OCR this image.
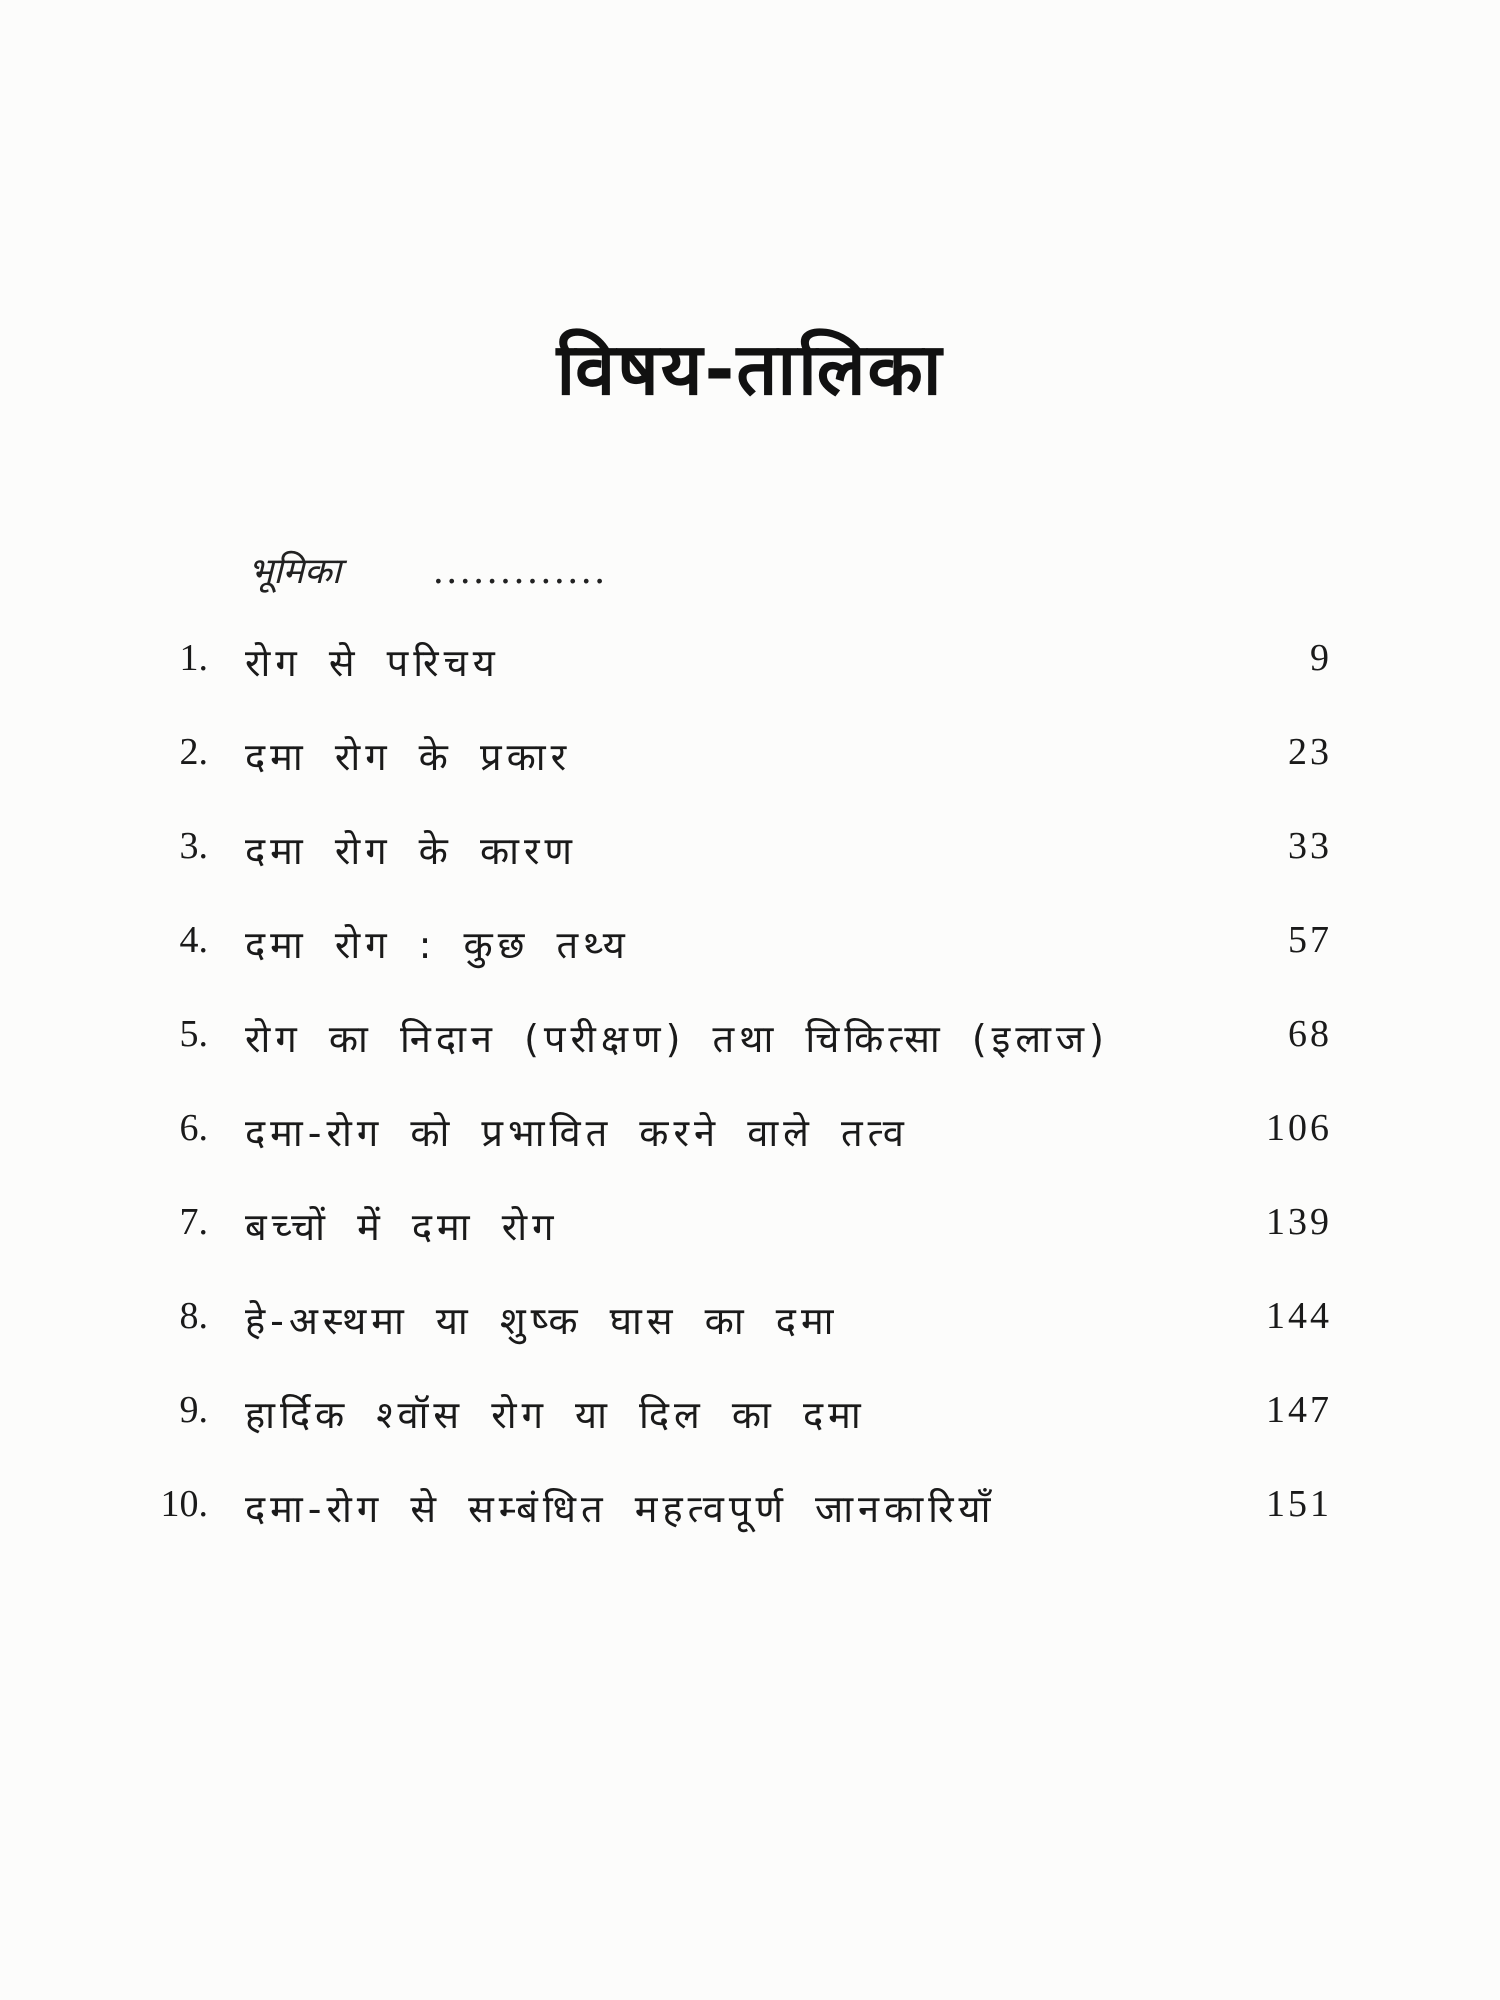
विषय-तालिका
भूमिका	.............
1. रोग से परिचय	9
2. दमा रोग के प्रकार	23
3. दमा रोग के कारण	33
4. दमा रोग : कुछ तथ्य	57
5. रोग का निदान (परीक्षण) तथा चिकित्सा (इलाज)	68
6. दमा-रोग को प्रभावित करने वाले तत्व	106
7. बच्चों में दमा रोग	139
8. हे-अस्थमा या शुष्क घास का दमा	144
9. हार्दिक श्वॉस रोग या दिल का दमा	147
10. दमा-रोग से सम्बंधित महत्वपूर्ण जानकारियाँ	151
